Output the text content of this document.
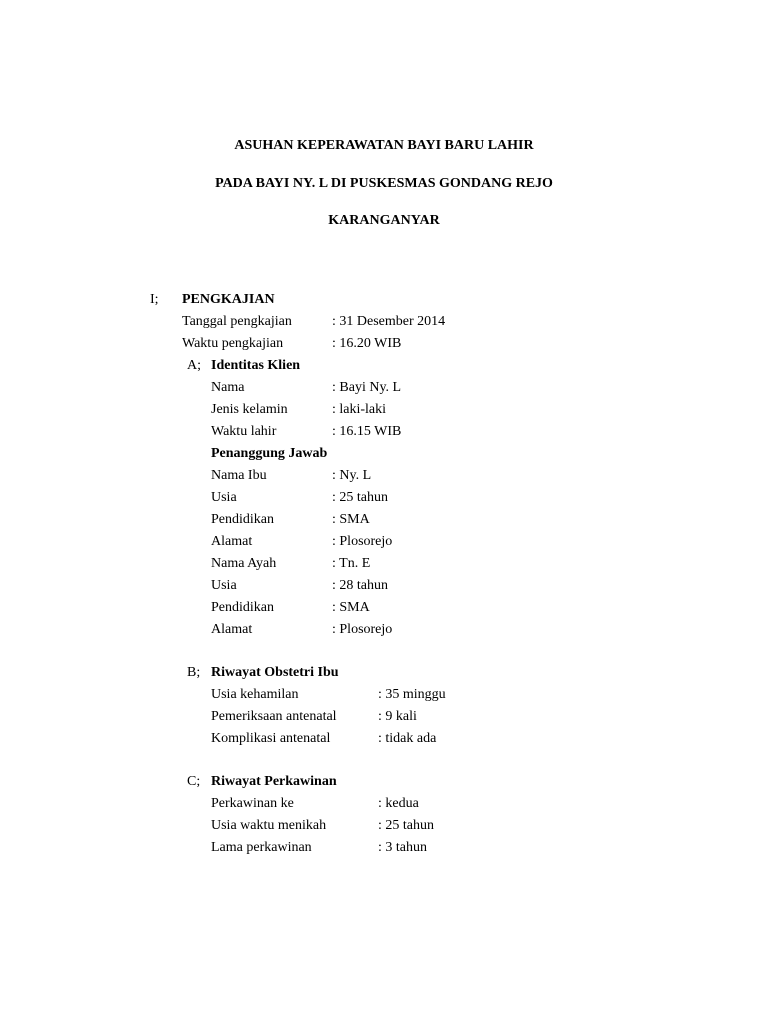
ASUHAN KEPERAWATAN BAYI BARU LAHIR
PADA BAYI NY. L DI PUSKESMAS GONDANG REJO
KARANGANYAR
I; PENGKAJIAN
Tanggal pengkajian	: 31 Desember 2014
Waktu pengkajian	: 16.20 WIB
A; Identitas Klien
Nama	: Bayi Ny. L
Jenis kelamin	: laki-laki
Waktu lahir	: 16.15 WIB
Penanggung Jawab
Nama Ibu	: Ny. L
Usia	: 25 tahun
Pendidikan	: SMA
Alamat	: Plosorejo
Nama Ayah	: Tn. E
Usia	: 28 tahun
Pendidikan	: SMA
Alamat	: Plosorejo
B; Riwayat Obstetri Ibu
Usia kehamilan	: 35 minggu
Pemeriksaan antenatal	: 9 kali
Komplikasi antenatal	: tidak ada
C; Riwayat Perkawinan
Perkawinan ke	: kedua
Usia waktu menikah	: 25 tahun
Lama perkawinan	: 3 tahun
